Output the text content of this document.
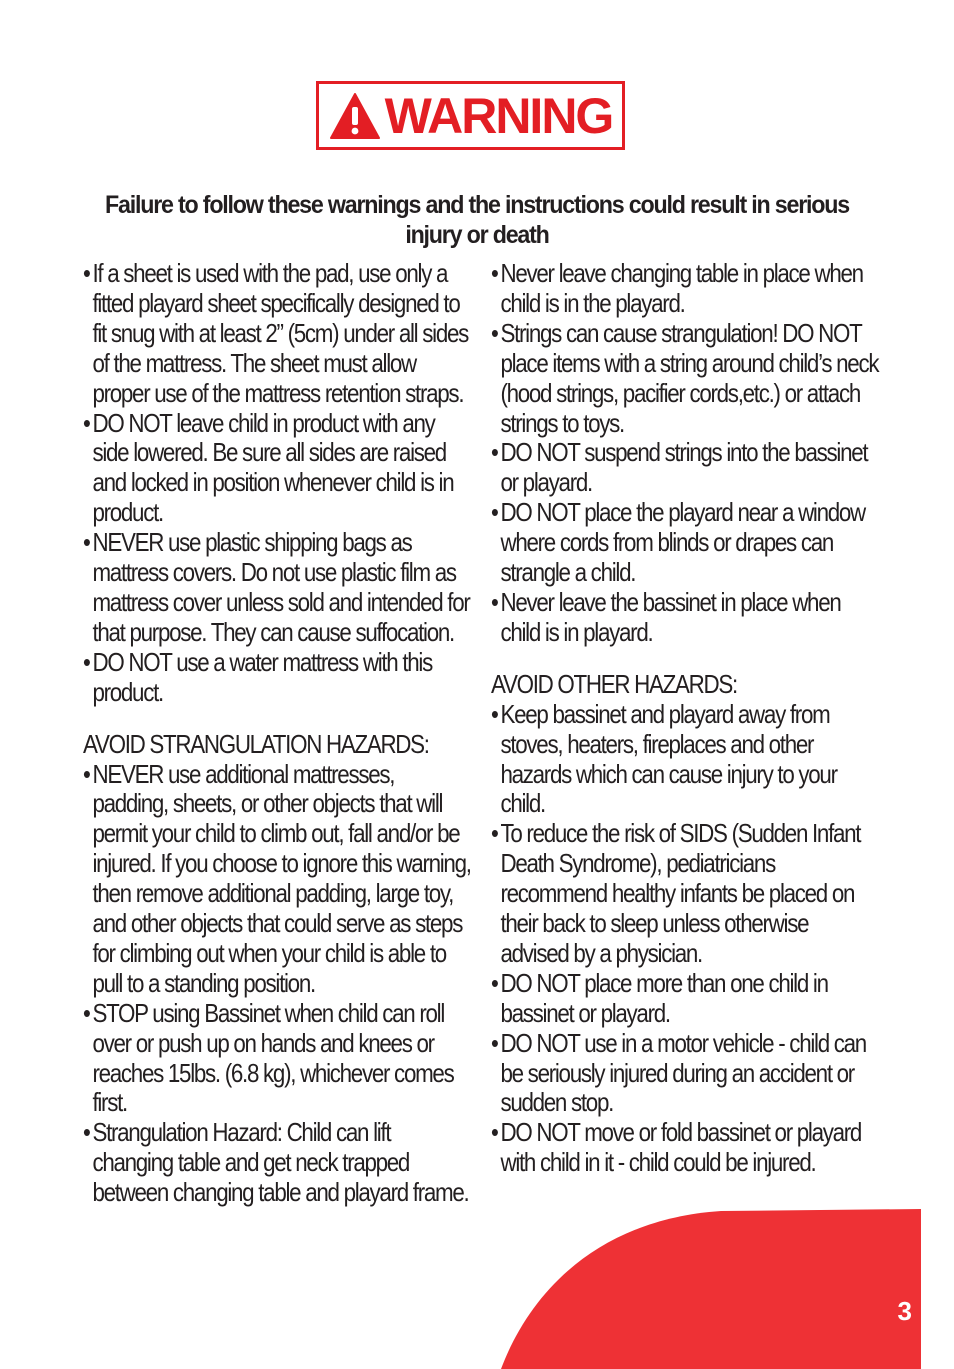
WARNING
Failure to follow these warnings and the instructions could result in serious injury or death
• If a sheet is used with the pad, use only a fitted playard sheet specifically designed to fit snug with at least 2” (5cm) under all sides of the mattress. The sheet must allow proper use of the mattress retention straps.
• DO NOT leave child in product with any side lowered. Be sure all sides are raised and locked in position whenever child is in product.
• NEVER use plastic shipping bags as mattress covers. Do not use plastic film as mattress cover unless sold and intended for that purpose. They can cause suffocation.
• DO NOT use a water mattress with this product.
AVOID STRANGULATION HAZARDS:
• NEVER use additional mattresses, padding, sheets, or other objects that will permit your child to climb out, fall and/or be injured. If you choose to ignore this warning, then remove additional padding, large toy, and other objects that could serve as steps for climbing out when your child is able to pull to a standing position.
• STOP using Bassinet when child can roll over or push up on hands and knees or reaches 15lbs. (6.8 kg), whichever comes first.
• Strangulation Hazard: Child can lift changing table and get neck trapped between changing table and playard frame.
• Never leave changing table in place when child is in the playard.
• Strings can cause strangulation! DO NOT place items with a string around child’s neck (hood strings, pacifier cords,etc.) or attach strings to toys.
• DO NOT suspend strings into the bassinet or playard.
• DO NOT place the playard near a window where cords from blinds or drapes can strangle a child.
• Never leave the bassinet in place when child is in playard.
AVOID OTHER HAZARDS:
• Keep bassinet and playard away from stoves, heaters, fireplaces and other hazards which can cause injury to your child.
• To reduce the risk of SIDS (Sudden Infant Death Syndrome), pediatricians recommend healthy infants be placed on their back to sleep unless otherwise advised by a physician.
• DO NOT place more than one child in bassinet or playard.
• DO NOT use in a motor vehicle - child can be seriously injured during an accident or sudden stop.
• DO NOT move or fold bassinet or playard with child in it - child could be injured.
3
